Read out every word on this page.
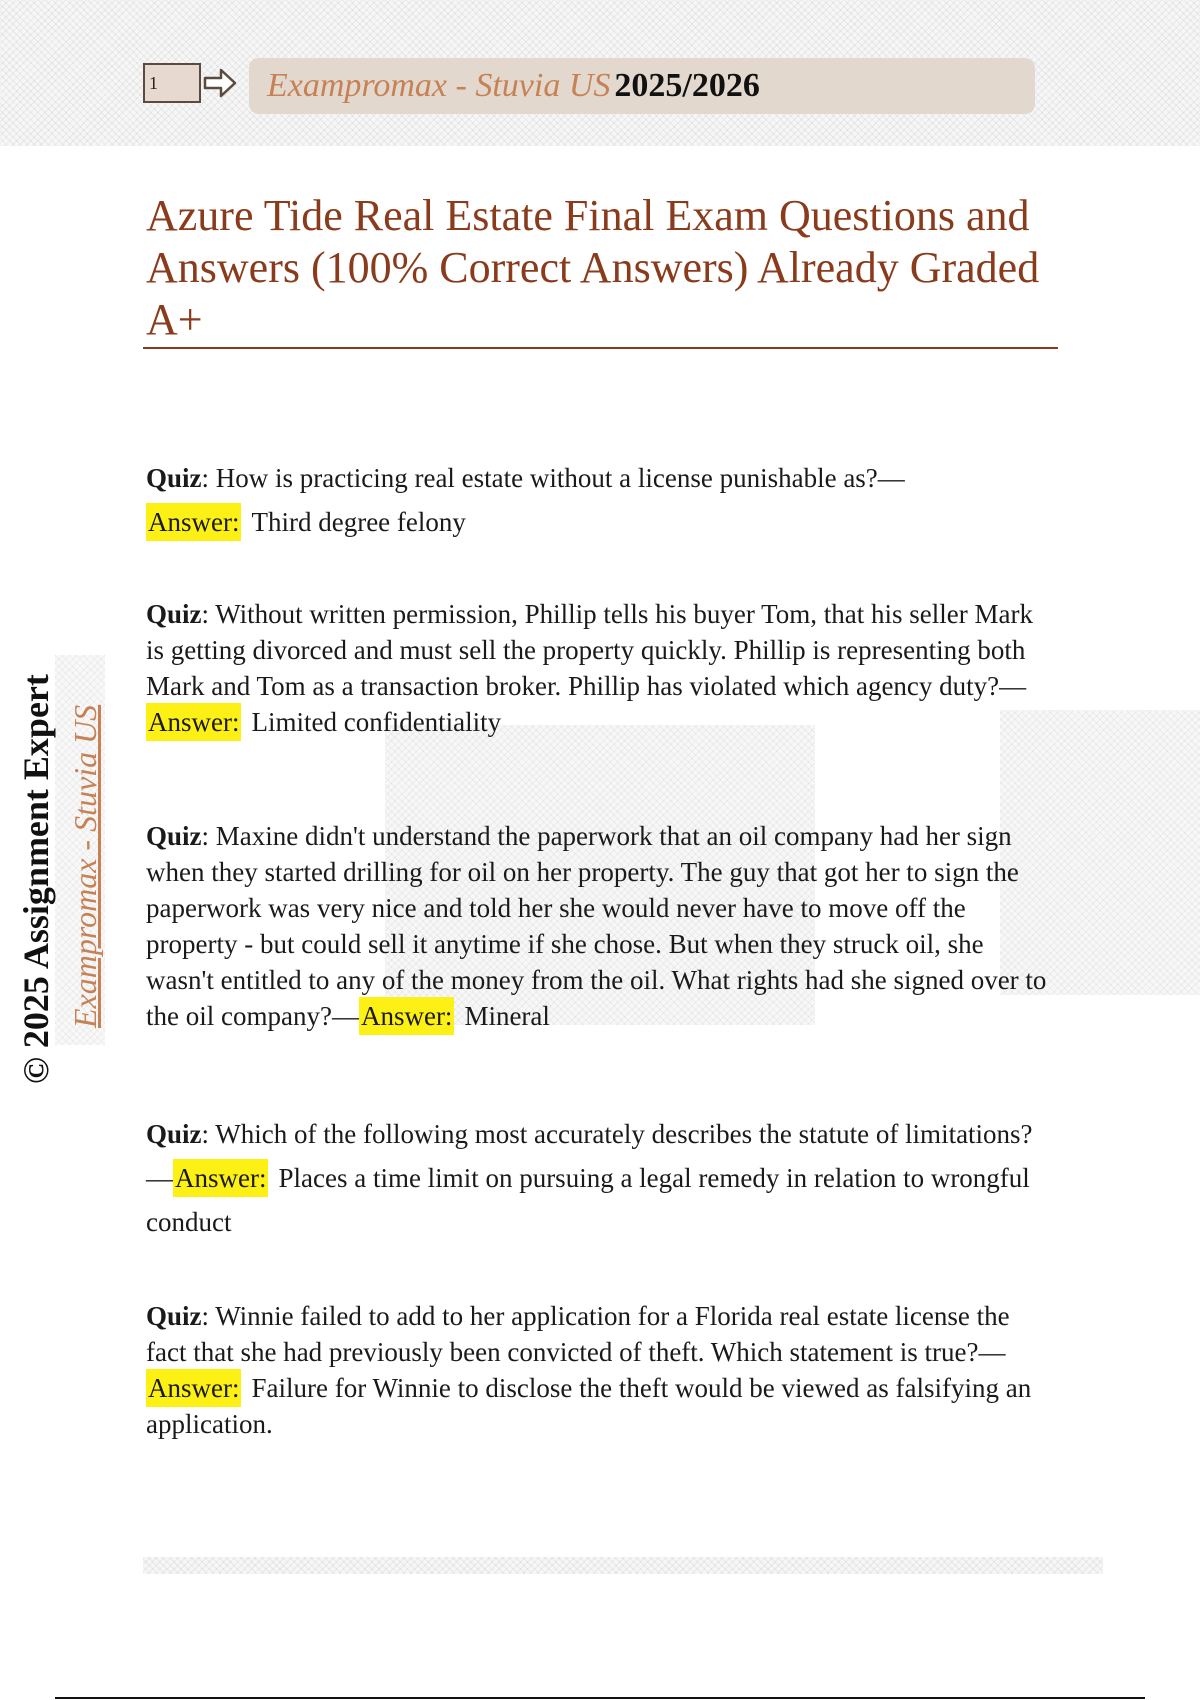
1	Exampromax - Stuvia US 2025/2026
Azure Tide Real Estate Final Exam Questions and Answers (100% Correct Answers) Already Graded A+
© 2025 Assignment Expert Exampromax - Stuvia US

Quiz: How is practicing real estate without a license punishable as?—
Answer: Third degree felony

Quiz: Without written permission, Phillip tells his buyer Tom, that his seller Mark is getting divorced and must sell the property quickly. Phillip is representing both Mark and Tom as a transaction broker. Phillip has violated which agency duty?—Answer: Limited confidentiality

Quiz: Maxine didn't understand the paperwork that an oil company had her sign when they started drilling for oil on her property. The guy that got her to sign the paperwork was very nice and told her she would never have to move off the property - but could sell it anytime if she chose. But when they struck oil, she wasn't entitled to any of the money from the oil. What rights had she signed over to the oil company?—Answer: Mineral

Quiz: Which of the following most accurately describes the statute of limitations?—Answer: Places a time limit on pursuing a legal remedy in relation to wrongful conduct

Quiz: Winnie failed to add to her application for a Florida real estate license the fact that she had previously been convicted of theft. Which statement is true?—Answer: Failure for Winnie to disclose the theft would be viewed as falsifying an application.
